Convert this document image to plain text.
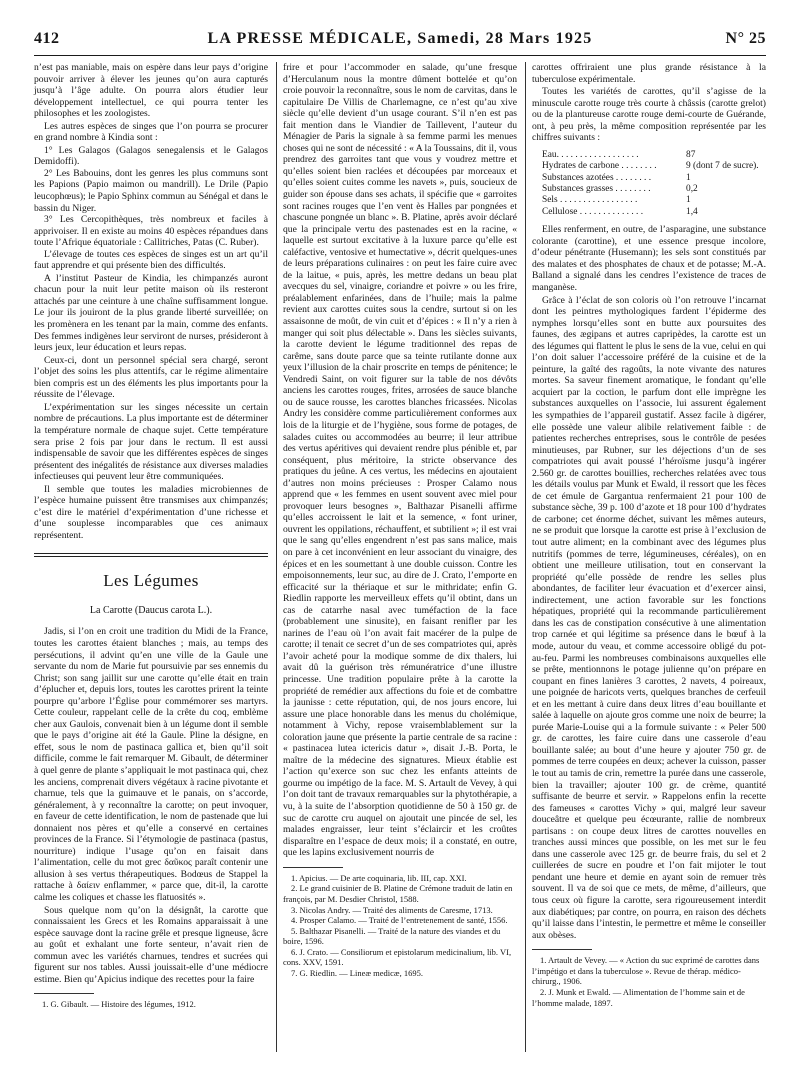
412	LA PRESSE MÉDICALE, Samedi, 28 Mars 1925	N° 25

n’est pas maniable, mais on espère dans leur pays d’origine pouvoir arriver à élever les jeunes qu’on aura capturés jusqu’à l’âge adulte. On pourra alors étudier leur développement intellectuel, ce qui pourra tenter les philosophes et les zoologistes.

Les autres espèces de singes que l’on pourra se procurer en grand nombre à Kindia sont :

1° Les Galagos (Galagos senegalensis et le Galagos Demidoffi).

2° Les Babouins, dont les genres les plus communs sont les Papions (Papio maimon ou mandrill). Le Drile (Papio leucophœus); le Papio Sphinx commun au Sénégal et dans le bassin du Niger.

3° Les Cercopithèques, très nombreux et faciles à apprivoiser. Il en existe au moins 40 espèces répandues dans toute l’Afrique équatoriale : Callitriches, Patas (C. Ruber).

L’élevage de toutes ces espèces de singes est un art qu’il faut apprendre et qui présente bien des difficultés.

A l’institut Pasteur de Kindia, les chimpanzés auront chacun pour la nuit leur petite maison où ils resteront attachés par une ceinture à une chaîne suffisamment longue. Le jour ils jouiront de la plus grande liberté surveillée; on les promènera en les tenant par la main, comme des enfants. Des femmes indigènes leur serviront de nurses, présideront à leurs jeux, leur éducation et leurs repas.

Ceux-ci, dont un personnel spécial sera chargé, seront l’objet des soins les plus attentifs, car le régime alimentaire bien compris est un des éléments les plus importants pour la réussite de l’élevage.

L’expérimentation sur les singes nécessite un certain nombre de précautions. La plus importante est de déterminer la température normale de chaque sujet. Cette température sera prise 2 fois par jour dans le rectum. Il est aussi indispensable de savoir que les différentes espèces de singes présentent des inégalités de résistance aux diverses maladies infectieuses qui peuvent leur être communiquées.

Il semble que toutes les maladies microbiennes de l’espèce humaine puissent être transmises aux chimpanzés; c’est dire le matériel d’expérimentation d’une richesse et d’une souplesse incomparables que ces animaux représentent.

Les Légumes
La Carotte (Daucus carota L.).

Jadis, si l’on en croit une tradition du Midi de la France, toutes les carottes étaient blanches ; mais, au temps des persécutions, il advint qu’en une ville de la Gaule une servante du nom de Marie fut poursuivie par ses ennemis du Christ; son sang jaillit sur une carotte qu’elle était en train d’éplucher et, depuis lors, toutes les carottes prirent la teinte pourpre qu’arbore l’Église pour commémorer ses martyrs. Cette couleur, rappelant celle de la crête du coq, emblème cher aux Gaulois, convenait bien à un légume dont il semble que le pays d’origine ait été la Gaule. Pline la désigne, en effet, sous le nom de pastinaca gallica et, bien qu’il soit difficile, comme le fait remarquer M. Gibault, de déterminer à quel genre de plante s’appliquait le mot pastinaca qui, chez les anciens, comprenait divers végétaux à racine pivotante et charnue, tels que la guimauve et le panais, on s’accorde, généralement, à y reconnaître la carotte; on peut invoquer, en faveur de cette identification, le nom de pastenade que lui donnaient nos pères et qu’elle a conservé en certaines provinces de la France. Si l’étymologie de pastinaca (pastus, nourriture) indique l’usage qu’on en faisait dans l’alimentation, celle du mot grec δαῦκος paraît contenir une allusion à ses vertus thérapeutiques. Bodœus de Stappel la rattache à δαίειν enflammer, « parce que, dit-il, la carotte calme les coliques et chasse les flatuosités ».

Sous quelque nom qu’on la désignât, la carotte que connaissaient les Grecs et les Romains apparaissait à une espèce sauvage dont la racine grêle et presque ligneuse, âcre au goût et exhalant une forte senteur, n’avait rien de commun avec les variétés charnues, tendres et sucrées qui figurent sur nos tables. Aussi jouissait-elle d’une médiocre estime. Bien qu’Apicius indique des recettes pour la faire

1. G. Gibault. — Histoire des légumes, 1912.

frire et pour l’accommoder en salade, qu’une fresque d’Herculanum nous la montre dûment bottelée et qu’on croie pouvoir la reconnaître, sous le nom de carvitas, dans le capitulaire De Villis de Charlemagne, ce n’est qu’au xive siècle qu’elle devient d’un usage courant. S’il n’en est pas fait mention dans le Viandier de Taillevent, l’auteur du Ménagier de Paris la signale à sa femme parmi les menues choses qui ne sont de nécessité : « A la Toussains, dit il, vous prendrez des garroites tant que vous y voudrez mettre et qu’elles soient bien raclées et découpées par morceaux et qu’elles soient cuites comme les navets », puis, soucieux de guider son épouse dans ses achats, il spécifie que « garroites sont racines rouges que l’en vent ès Halles par pongnées et chascune pongnée un blanc ». B. Platine, après avoir déclaré que la principale vertu des pastenades est en la racine, « laquelle est surtout excitative à la luxure parce qu’elle est caléfactive, ventosive et humectative », décrit quelques-unes de leurs préparations culinaires : on peut les faire cuire avec de la laitue, « puis, après, les mettre dedans un beau plat avecques du sel, vinaigre, coriandre et poivre » ou les frire, préalablement enfarinées, dans de l’huile; mais la palme revient aux carottes cuites sous la cendre, surtout si on les assaisonne de moût, de vin cuit et d’épices : « Il n’y a rien à manger qui soit plus délectable ». Dans les siècles suivants, la carotte devient le légume traditionnel des repas de carême, sans doute parce que sa teinte rutilante donne aux yeux l’illusion de la chair proscrite en temps de pénitence; le Vendredi Saint, on voit figurer sur la table de nos dévôts anciens les carottes rouges, frites, arrosées de sauce blanche ou de sauce rousse, les carottes blanches fricassées. Nicolas Andry les considère comme particulièrement conformes aux lois de la liturgie et de l’hygiène, sous forme de potages, de salades cuites ou accommodées au beurre; il leur attribue des vertus apéritives qui devaient rendre plus pénible et, par conséquent, plus méritoire, la stricte observance des pratiques du jeûne. A ces vertus, les médecins en ajoutaient d’autres non moins précieuses : Prosper Calamo nous apprend que « les femmes en usent souvent avec miel pour provoquer leurs besognes », Balthazar Pisanelli affirme qu’elles accroissent le lait et la semence, « font uriner, ouvrent les oppilations, réchauffent, et subtilient »; il est vrai que le sang qu’elles engendrent n’est pas sans malice, mais on pare à cet inconvénient en leur associant du vinaigre, des épices et en les soumettant à une double cuisson. Contre les empoisonnements, leur suc, au dire de J. Crato, l’emporte en efficacité sur la thériaque et sur le mithridate; enfin G. Riedlin rapporte les merveilleux effets qu’il obtint, dans un cas de catarrhe nasal avec tuméfaction de la face (probablement une sinusite), en faisant renifler par les narines de l’eau où l’on avait fait macérer de la pulpe de carotte; il tenait ce secret d’un de ses compatriotes qui, après l’avoir acheté pour la modique somme de dix thalers, lui avait dû la guérison très rémunératrice d’une illustre princesse. Une tradition populaire prête à la carotte la propriété de remédier aux affections du foie et de combattre la jaunisse : cette réputation, qui, de nos jours encore, lui assure une place honorable dans les menus du cholémique, notamment à Vichy, repose vraisemblablement sur la coloration jaune que présente la partie centrale de sa racine : « pastinacea lutea ictericis datur », disait J.-B. Porta, le maître de la médecine des signatures. Mieux établie est l’action qu’exerce son suc chez les enfants atteints de gourme ou impétigo de la face. M. S. Artault de Vevey, à qui l’on doit tant de travaux remarquables sur la phytothérapie, a vu, à la suite de l’absorption quotidienne de 50 à 150 gr. de suc de carotte cru auquel on ajoutait une pincée de sel, les malades engraisser, leur teint s’éclaircir et les croûtes disparaître en l’espace de deux mois; il a constaté, en outre, que les lapins exclusivement nourris de

1. Apicius. — De arte coquinaria, lib. III, cap. XXI.

2. Le grand cuisinier de B. Platine de Crémone traduit de latin en françois, par M. Desdier Christol, 1588.

3. Nicolas Andry. — Traité des aliments de Caresme, 1713.

4. Prosper Calamo. — Traité de l’entretenement de santé, 1556.

5. Balthazar Pisanelli. — Traité de la nature des viandes et du boire, 1596.

6. J. Crato. — Consiliorum et epistolarum medicinalium, lib. VI, cons. XXV, 1591.

7. G. Riedlin. — Lineæ medicæ, 1695.

carottes offriraient une plus grande résistance à la tuberculose expérimentale.

Toutes les variétés de carottes, qu’il s’agisse de la minuscule carotte rouge très courte à châssis (carotte grelot) ou de la plantureuse carotte rouge demi-courte de Guérande, ont, à peu près, la même composition représentée par les chiffres suivants :

Eau. . . . . . . . . . . . . . . . . .	87
Hydrates de carbone . . . . . . . .	9 (dont 7 de sucre).
Substances azotées . . . . . . . .	1
Substances grasses . . . . . . . .	0,2
Sels . . . . . . . . . . . . . . . . .	1
Cellulose . . . . . . . . . . . . . .	1,4

Elles renferment, en outre, de l’asparagine, une substance colorante (carottine), et une essence presque incolore, d’odeur pénétrante (Husemann); les sels sont constitués par des malates et des phosphates de chaux et de potasse; M.-A. Balland a signalé dans les cendres l’existence de traces de manganèse.

Grâce à l’éclat de son coloris où l’on retrouve l’incarnat dont les peintres mythologiques fardent l’épiderme des nymphes lorsqu’elles sont en butte aux poursuites des faunes, des ægipans et autres capripèdes, la carotte est un des légumes qui flattent le plus le sens de la vue, celui en qui l’on doit saluer l’accessoire préféré de la cuisine et de la peinture, la gaîté des ragoûts, la note vivante des natures mortes. Sa saveur finement aromatique, le fondant qu’elle acquiert par la coction, le parfum dont elle imprègne les substances auxquelles on l’associe, lui assurent également les sympathies de l’appareil gustatif. Assez facile à digérer, elle possède une valeur alibile relativement faible : de patientes recherches entreprises, sous le contrôle de pesées minutieuses, par Rubner, sur les déjections d’un de ses compatriotes qui avait poussé l’héroïsme jusqu’à ingérer 2.560 gr. de carottes bouillies, recherches relatées avec tous les détails voulus par Munk et Ewald, il ressort que les fèces de cet émule de Gargantua renfermaient 21 pour 100 de substance sèche, 39 p. 100 d’azote et 18 pour 100 d’hydrates de carbone; cet énorme déchet, suivant les mêmes auteurs, ne se produit que lorsque la carotte est prise à l’exclusion de tout autre aliment; en la combinant avec des légumes plus nutritifs (pommes de terre, légumineuses, céréales), on en obtient une meilleure utilisation, tout en conservant la propriété qu’elle possède de rendre les selles plus abondantes, de faciliter leur évacuation et d’exercer ainsi, indirectement, une action favorable sur les fonctions hépatiques, propriété qui la recommande particulièrement dans les cas de constipation consécutive à une alimentation trop carnée et qui légitime sa présence dans le bœuf à la mode, autour du veau, et comme accessoire obligé du pot-au-feu. Parmi les nombreuses combinaisons auxquelles elle se prête, mentionnons le potage julienne qu’on prépare en coupant en fines lanières 3 carottes, 2 navets, 4 poireaux, une poignée de haricots verts, quelques branches de cerfeuil et en les mettant à cuire dans deux litres d’eau bouillante et salée à laquelle on ajoute gros comme une noix de beurre; la purée Marie-Louise qui a la formule suivante : « Peler 500 gr. de carottes, les faire cuire dans une casserole d’eau bouillante salée; au bout d’une heure y ajouter 750 gr. de pommes de terre coupées en deux; achever la cuisson, passer le tout au tamis de crin, remettre la purée dans une casserole, bien la travailler; ajouter 100 gr. de crème, quantité suffisante de beurre et servir. » Rappelons enfin la recette des fameuses « carottes Vichy » qui, malgré leur saveur douceâtre et quelque peu écœurante, rallie de nombreux partisans : on coupe deux litres de carottes nouvelles en tranches aussi minces que possible, on les met sur le feu dans une casserole avec 125 gr. de beurre frais, du sel et 2 cuillerées de sucre en poudre et l’on fait mijoter le tout pendant une heure et demie en ayant soin de remuer très souvent. Il va de soi que ce mets, de même, d’ailleurs, que tous ceux où figure la carotte, sera rigoureusement interdit aux diabétiques; par contre, on pourra, en raison des déchets qu’il laisse dans l’intestin, le permettre et même le conseiller aux obèses.

1. Artault de Vevey. — « Action du suc exprimé de carottes dans l’impétigo et dans la tuberculose ». Revue de thérap. médico-chirurg., 1906.

2. J. Munk et Ewald. — Alimentation de l’homme sain et de l’homme malade, 1897.
